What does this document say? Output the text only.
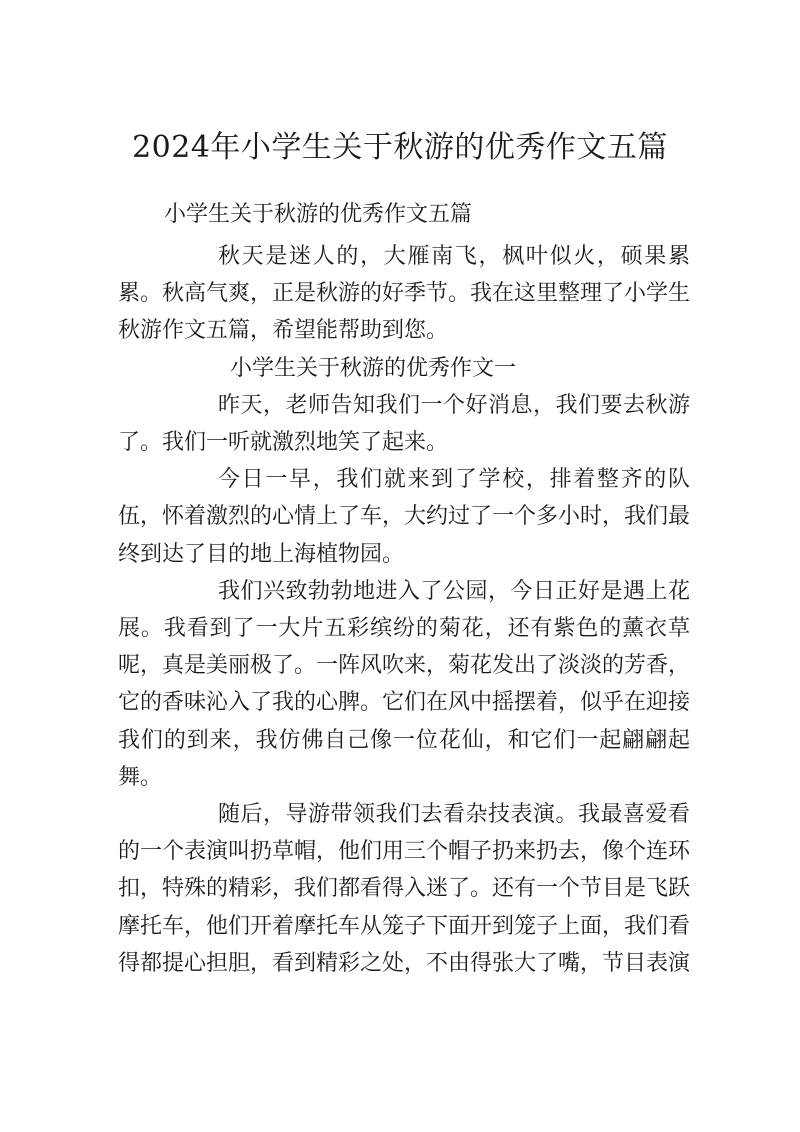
2024年小学生关于秋游的优秀作文五篇
小学生关于秋游的优秀作文五篇

秋天是迷人的，大雁南飞，枫叶似火，硕果累累。秋高气爽，正是秋游的好季节。我在这里整理了小学生秋游作文五篇，希望能帮助到您。

小学生关于秋游的优秀作文一

昨天，老师告知我们一个好消息，我们要去秋游了。我们一听就激烈地笑了起来。

今日一早，我们就来到了学校，排着整齐的队伍，怀着激烈的心情上了车，大约过了一个多小时，我们最终到达了目的地上海植物园。

我们兴致勃勃地进入了公园，今日正好是遇上花展。我看到了一大片五彩缤纷的菊花，还有紫色的薰衣草呢，真是美丽极了。一阵风吹来，菊花发出了淡淡的芳香，它的香味沁入了我的心脾。它们在风中摇摆着，似乎在迎接我们的到来，我仿佛自己像一位花仙，和它们一起翩翩起舞。

随后，导游带领我们去看杂技表演。我最喜爱看的一个表演叫扔草帽，他们用三个帽子扔来扔去，像个连环扣，特殊的精彩，我们都看得入迷了。还有一个节目是飞跃摩托车，他们开着摩托车从笼子下面开到笼子上面，我们看得都提心担胆，看到精彩之处，不由得张大了嘴，节目表演
